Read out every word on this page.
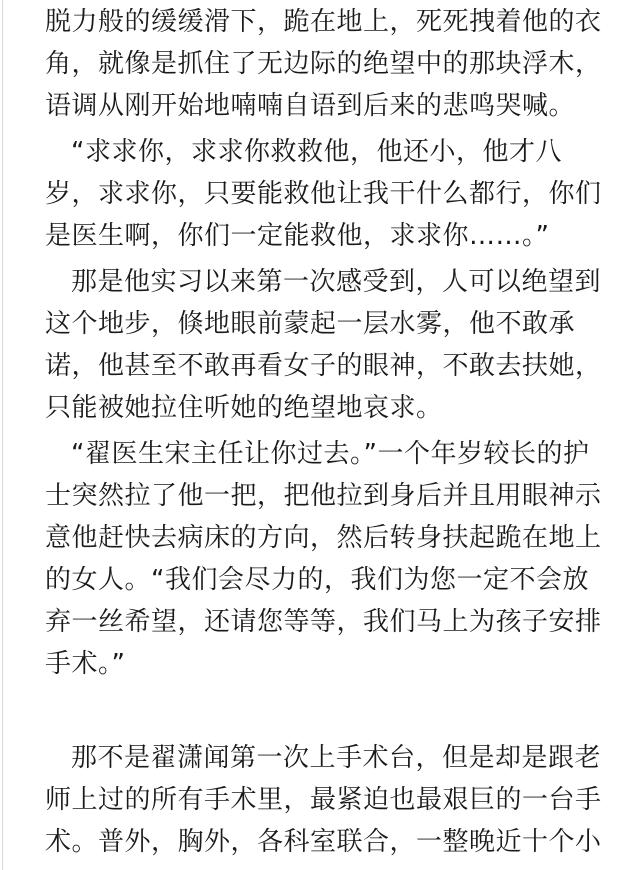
脱力般的缓缓滑下，跪在地上，死死拽着他的衣
角，就像是抓住了无边际的绝望中的那块浮木，
语调从刚开始地喃喃自语到后来的悲鸣哭喊。
“求求你，求求你救救他，他还小，他才八
岁，求求你，只要能救他让我干什么都行，你们
是医生啊，你们一定能救他，求求你……。”
那是他实习以来第一次感受到，人可以绝望到
这个地步，倏地眼前蒙起一层水雾，他不敢承
诺，他甚至不敢再看女子的眼神，不敢去扶她，
只能被她拉住听她的绝望地哀求。
“翟医生宋主任让你过去。”一个年岁较长的护
士突然拉了他一把，把他拉到身后并且用眼神示
意他赶快去病床的方向，然后转身扶起跪在地上
的女人。“我们会尽力的，我们为您一定不会放
弃一丝希望，还请您等等，我们马上为孩子安排
手术。”
那不是翟潇闻第一次上手术台，但是却是跟老
师上过的所有手术里，最紧迫也最艰巨的一台手
术。普外，胸外，各科室联合，一整晚近十个小
